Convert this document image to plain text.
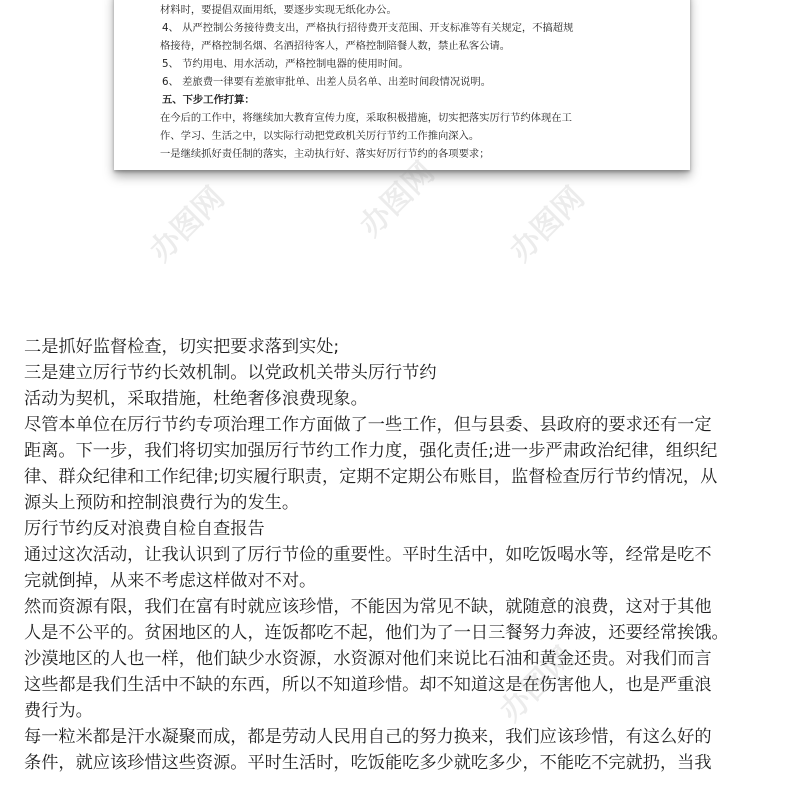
材料时，要提倡双面用纸，要逐步实现无纸化办公。

4、 从严控制公务接待费支出，严格执行招待费开支范围、开支标准等有关规定，不搞超规

格接待，严格控制名烟、名酒招待客人，严格控制陪餐人数，禁止私客公请。

5、 节约用电、用水活动，严格控制电器的使用时间。

6、 差旅费一律要有差旅审批单、出差人员名单、出差时间段情况说明。

五、下步工作打算：

在今后的工作中，将继续加大教育宣传力度，采取积极措施，切实把落实厉行节约体现在工

作、学习、生活之中，以实际行动把党政机关厉行节约工作推向深入。

一是继续抓好责任制的落实，主动执行好、落实好厉行节约的各项要求；

办图网	办图网 办图网
办图网
二是抓好监督检查，切实把要求落到实处;
三是建立厉行节约长效机制。以党政机关带头厉行节约
活动为契机，采取措施，杜绝奢侈浪费现象。
尽管本单位在厉行节约专项治理工作方面做了一些工作，但与县委、县政府的要求还有一定
距离。下一步，我们将切实加强厉行节约工作力度，强化责任;进一步严肃政治纪律，组织纪
律、群众纪律和工作纪律;切实履行职责，定期不定期公布账目，监督检查厉行节约情况，从
源头上预防和控制浪费行为的发生。
厉行节约反对浪费自检自查报告
通过这次活动，让我认识到了厉行节俭的重要性。平时生活中，如吃饭喝水等，经常是吃不
完就倒掉，从来不考虑这样做对不对。
然而资源有限，我们在富有时就应该珍惜，不能因为常见不缺，就随意的浪费，这对于其他
人是不公平的。贫困地区的人，连饭都吃不起，他们为了一日三餐努力奔波，还要经常挨饿。
沙漠地区的人也一样，他们缺少水资源，水资源对他们来说比石油和黄金还贵。对我们而言
这些都是我们生活中不缺的东西，所以不知道珍惜。却不知道这是在伤害他人，也是严重浪
费行为。
每一粒米都是汗水凝聚而成，都是劳动人民用自己的努力换来，我们应该珍惜，有这么好的
条件，就应该珍惜这些资源。平时生活时，吃饭能吃多少就吃多少，不能吃不完就扔，当我
